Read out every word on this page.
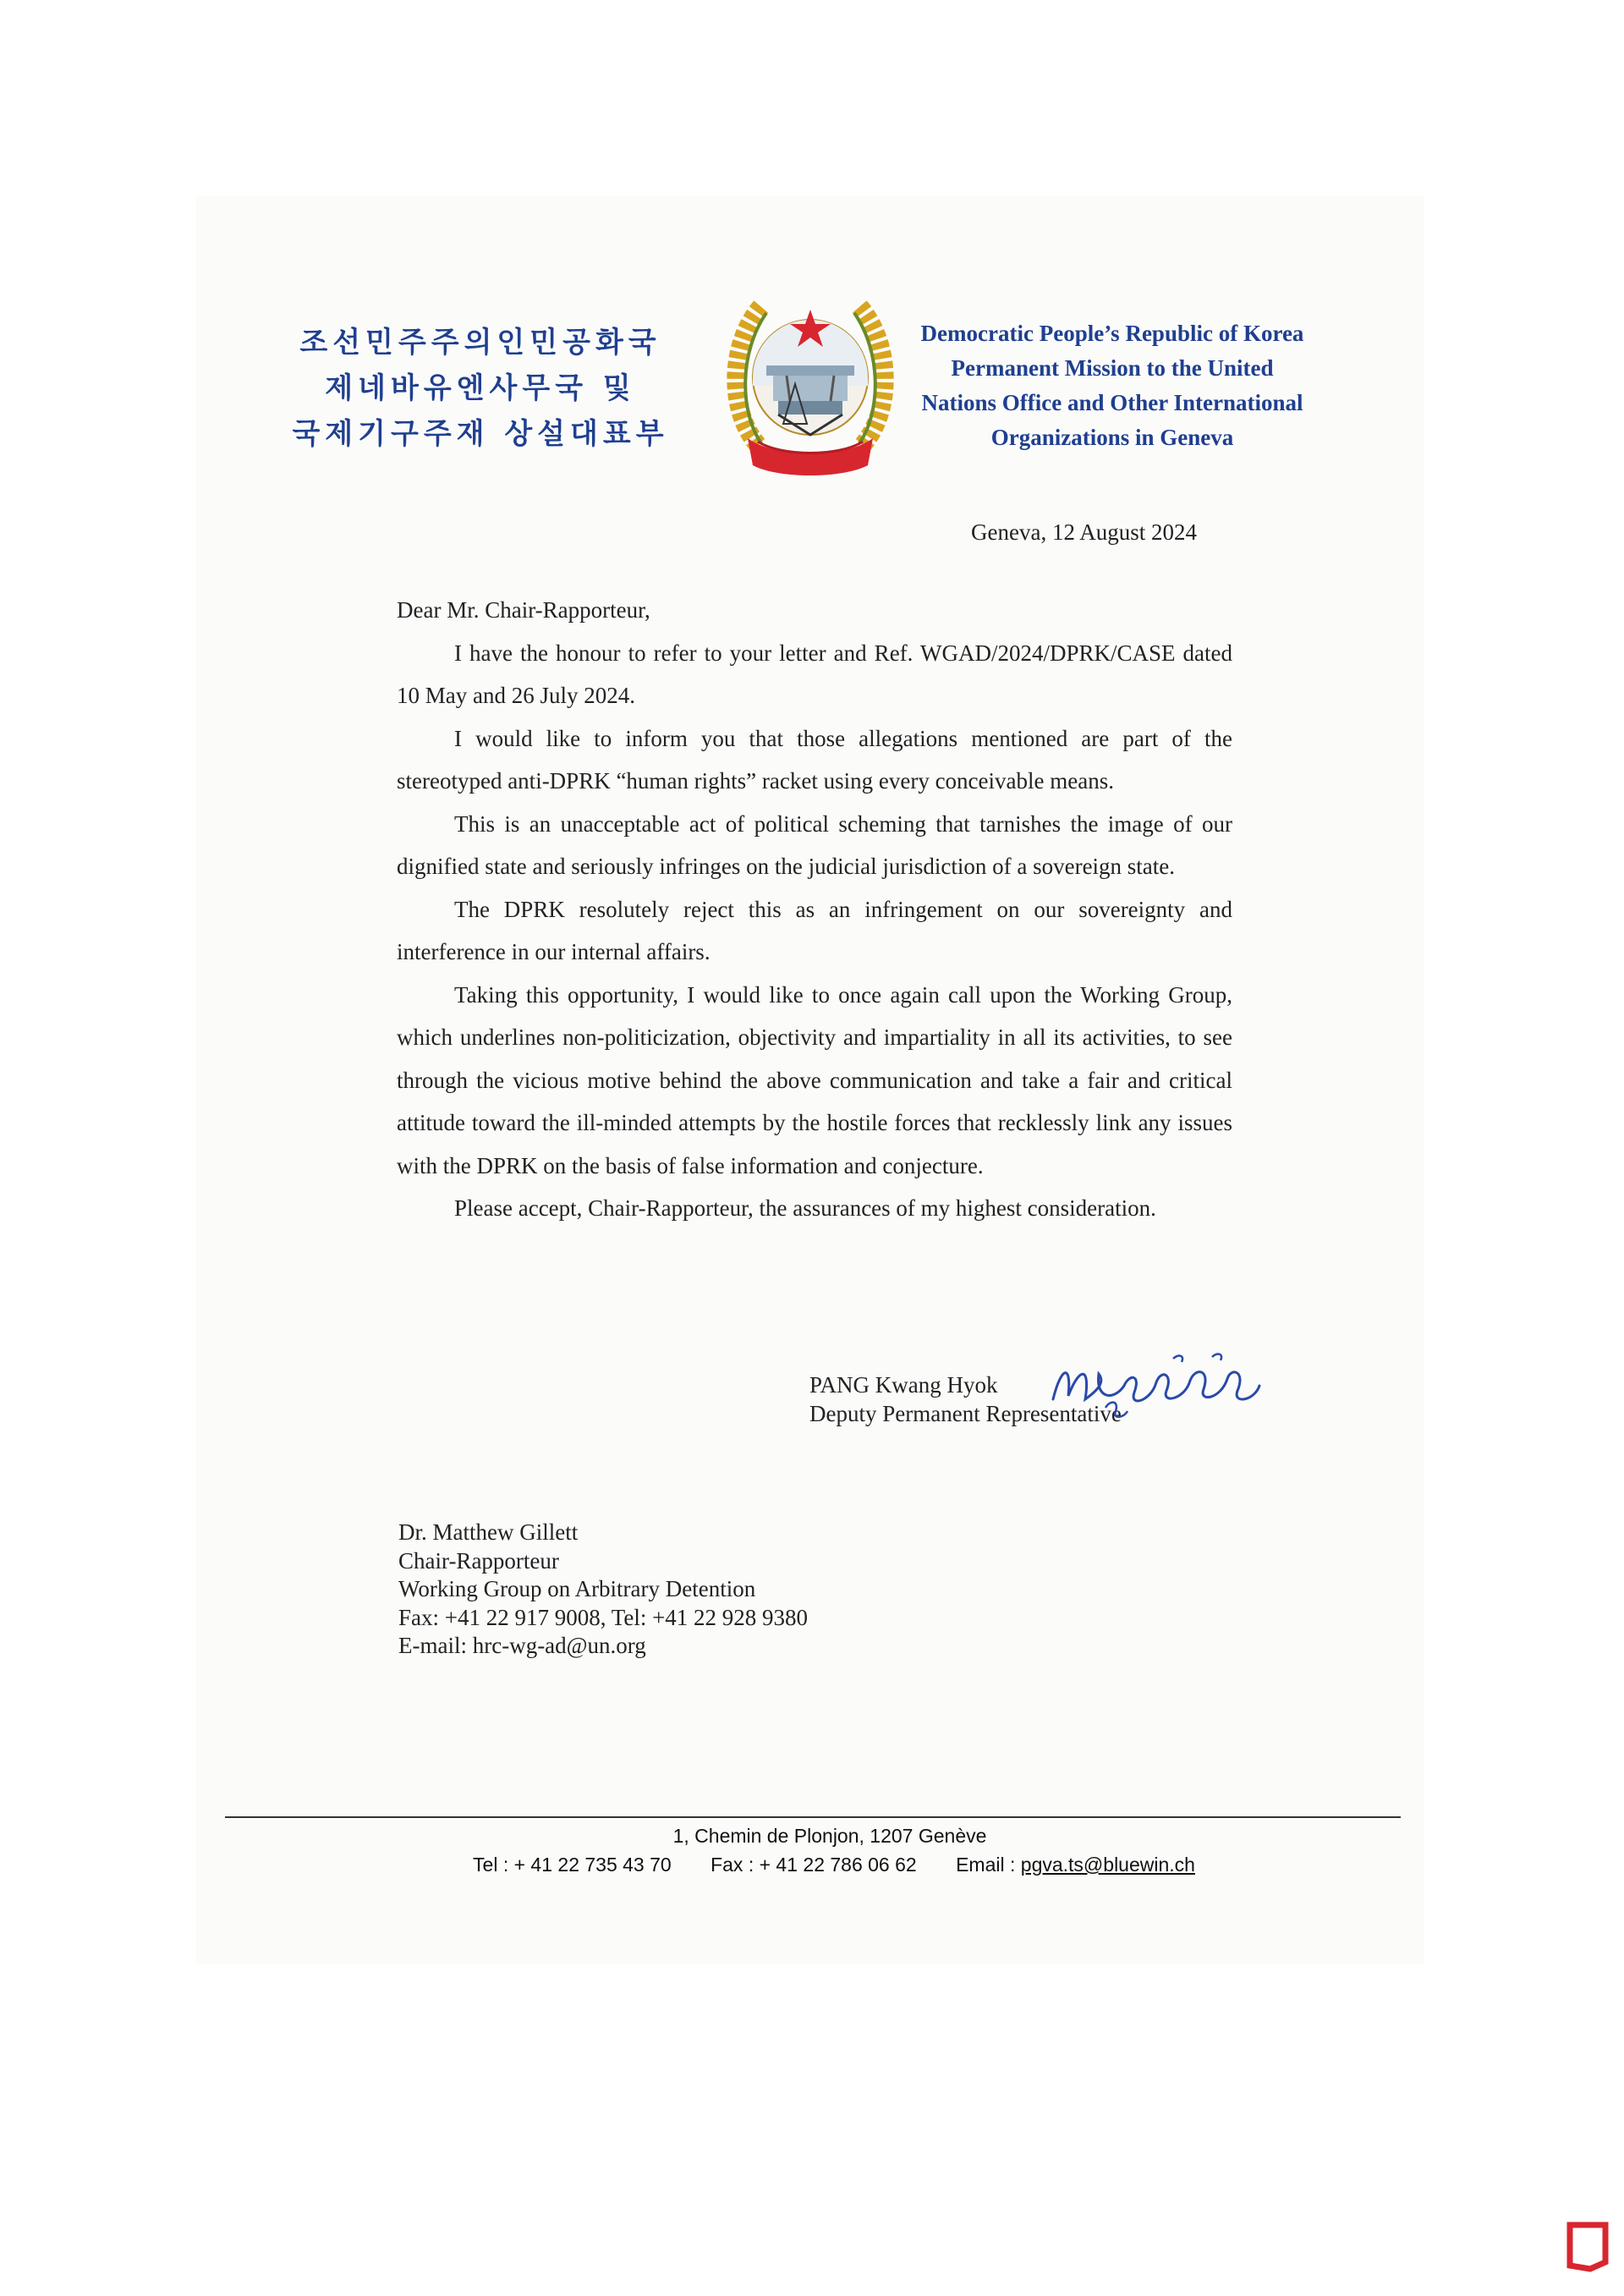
조선민주주의인민공화국
제네바유엔사무국 및
국제기구주재 상설대표부
Democratic People’s Republic of Korea
Permanent Mission to the United
Nations Office and Other International
Organizations in Geneva
Geneva, 12 August 2024
Dear Mr. Chair-Rapporteur,

I have the honour to refer to your letter and Ref. WGAD/2024/DPRK/CASE dated 10 May and 26 July 2024.

I would like to inform you that those allegations mentioned are part of the stereotyped anti-DPRK “human rights” racket using every conceivable means.

This is an unacceptable act of political scheming that tarnishes the image of our dignified state and seriously infringes on the judicial jurisdiction of a sovereign state.

The DPRK resolutely reject this as an infringement on our sovereignty and interference in our internal affairs.

Taking this opportunity, I would like to once again call upon the Working Group, which underlines non-politicization, objectivity and impartiality in all its activities, to see through the vicious motive behind the above communication and take a fair and critical attitude toward the ill-minded attempts by the hostile forces that recklessly link any issues with the DPRK on the basis of false information and conjecture.

Please accept, Chair-Rapporteur, the assurances of my highest consideration.

PANG Kwang Hyok
Deputy Permanent Representative
Dr. Matthew Gillett
Chair-Rapporteur
Working Group on Arbitrary Detention
Fax: +41 22 917 9008, Tel: +41 22 928 9380
E-mail: hrc-wg-ad@un.org
1, Chemin de Plonjon, 1207 Genève
Tel : + 41 22 735 43 70 Fax : + 41 22 786 06 62 Email : pgva.ts@bluewin.ch
